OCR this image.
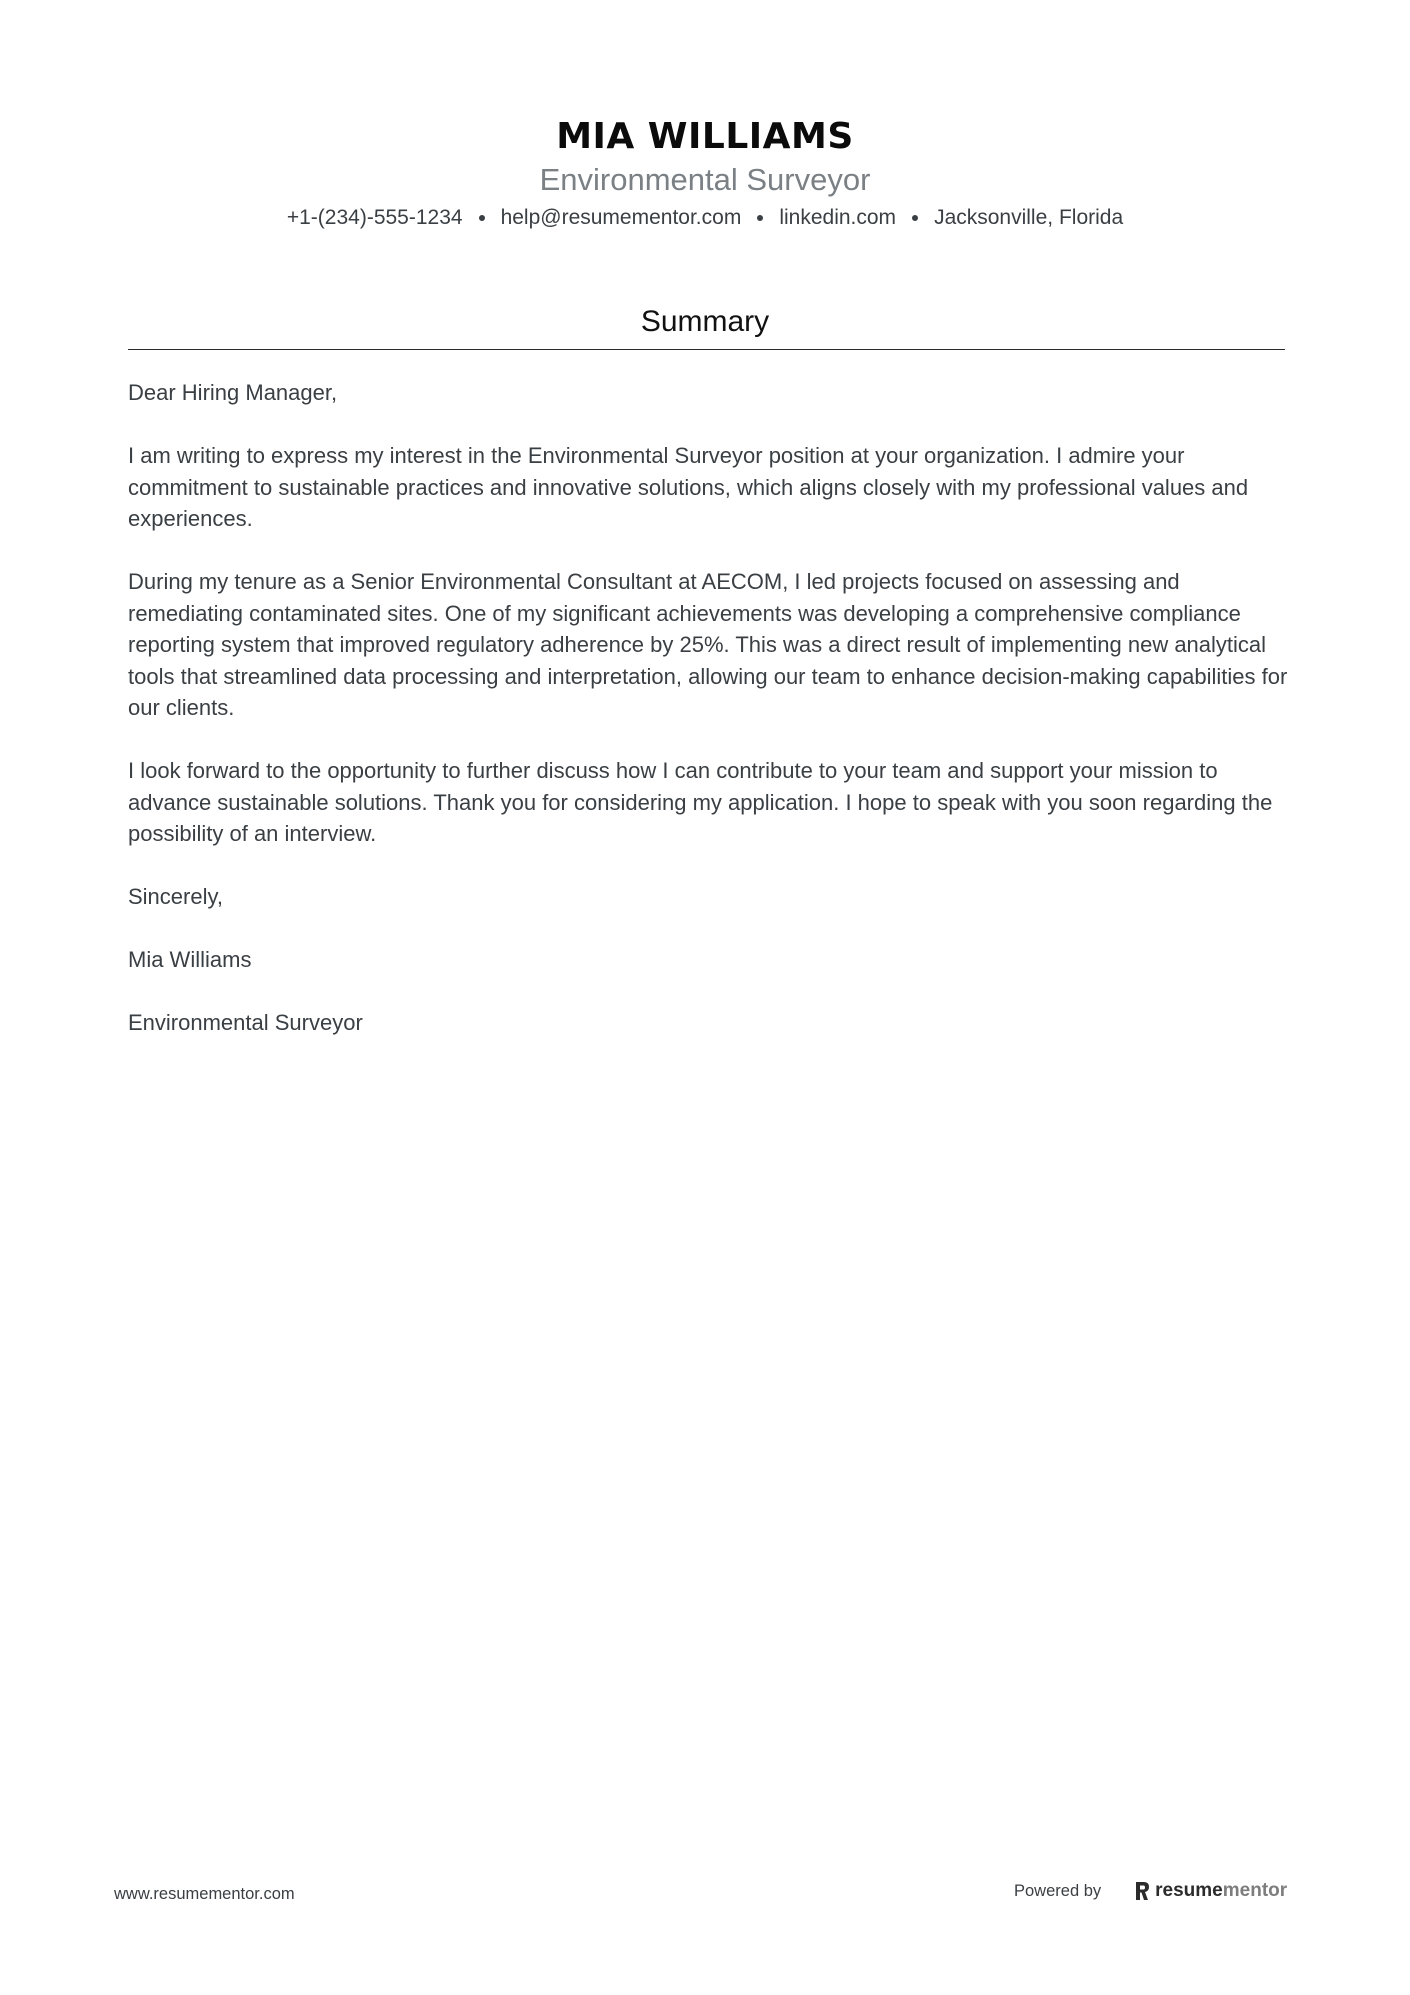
MIA WILLIAMS
Environmental Surveyor
+1-(234)-555-1234 help@resumementor.com linkedin.com Jacksonville, Florida
Summary

Dear Hiring Manager,

I am writing to express my interest in the Environmental Surveyor position at your organization. I admire your commitment to sustainable practices and innovative solutions, which aligns closely with my professional values and experiences.

During my tenure as a Senior Environmental Consultant at AECOM, I led projects focused on assessing and remediating contaminated sites. One of my significant achievements was developing a comprehensive compliance reporting system that improved regulatory adherence by 25%. This was a direct result of implementing new analytical tools that streamlined data processing and interpretation, allowing our team to enhance decision-making capabilities for our clients.

I look forward to the opportunity to further discuss how I can contribute to your team and support your mission to advance sustainable solutions. Thank you for considering my application. I hope to speak with you soon regarding the possibility of an interview.

Sincerely,

Mia Williams

Environmental Surveyor

www.resumementor.com	Powered by	resume mentor
